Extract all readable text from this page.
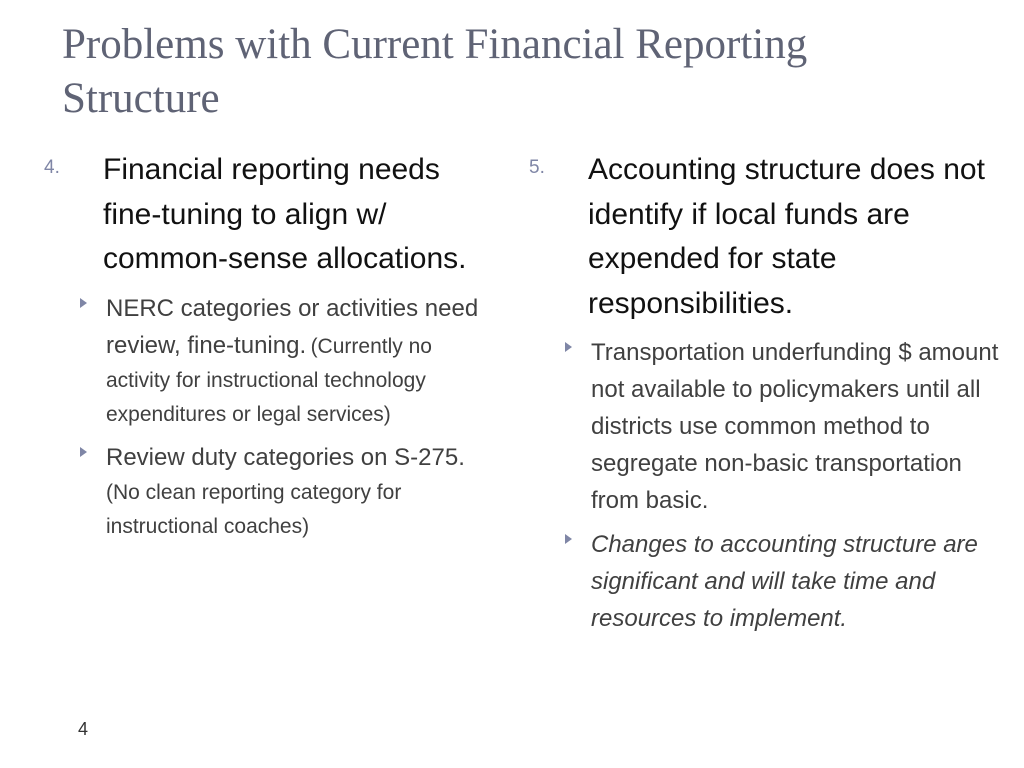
Problems with Current Financial Reporting Structure
4. Financial reporting needs fine-tuning to align w/ common-sense allocations.
NERC categories or activities need review, fine-tuning. (Currently no activity for instructional technology expenditures or legal services)
Review duty categories on S-275. (No clean reporting category for instructional coaches)
5. Accounting structure does not identify if local funds are expended for state responsibilities.
Transportation underfunding $ amount not available to policymakers until all districts use common method to segregate non-basic transportation from basic.
Changes to accounting structure are significant and will take time and resources to implement.
4
